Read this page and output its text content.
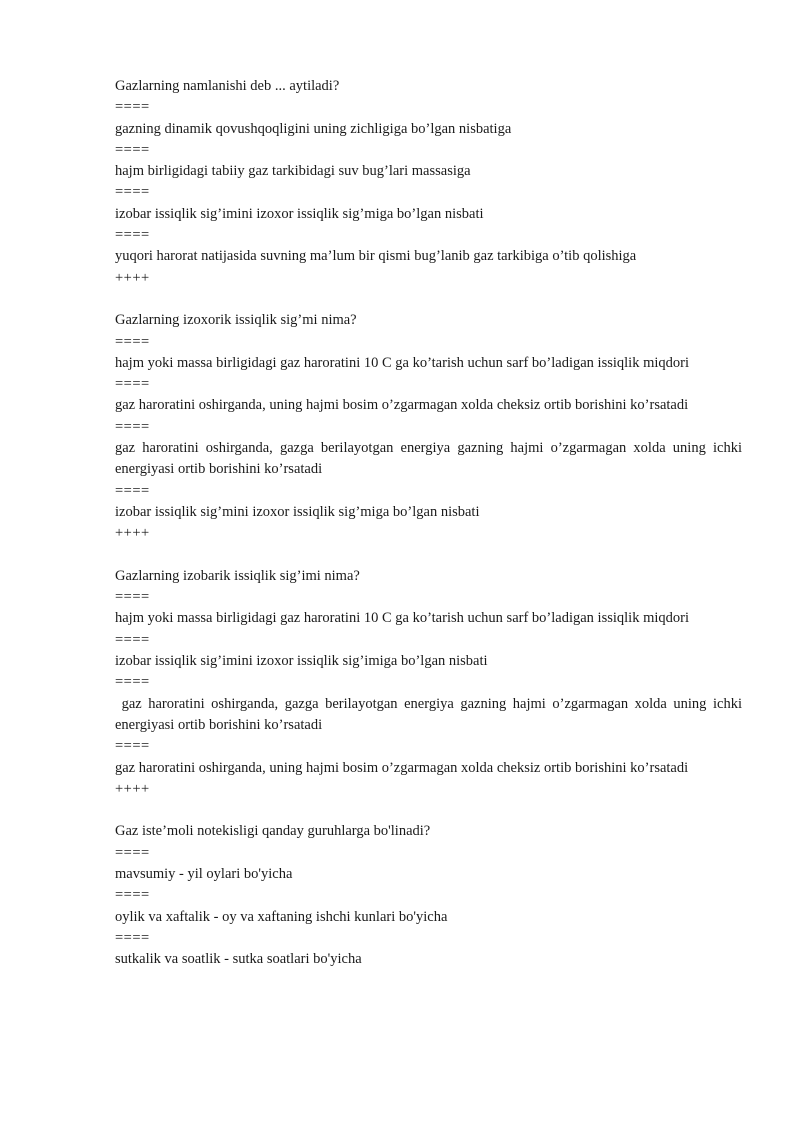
Gazlarning namlanishi deb ... aytiladi?

====

gazning dinamik qovushqoqligini uning zichligiga bo’lgan nisbatiga

====

hajm birligidagi tabiiy gaz tarkibidagi suv bug’lari massasiga

====

izobar issiqlik sig’imini izoxor issiqlik sig’miga bo’lgan nisbati

====

yuqori harorat natijasida suvning ma’lum bir qismi bug’lanib gaz tarkibiga o’tib qolishiga

++++

Gazlarning izoxorik issiqlik sig’mi nima?

====

hajm yoki massa birligidagi gaz haroratini 10 C ga ko’tarish uchun sarf bo’ladigan issiqlik miqdori

====

gaz haroratini oshirganda, uning hajmi bosim o’zgarmagan xolda cheksiz ortib borishini ko’rsatadi

====

gaz haroratini oshirganda, gazga berilayotgan energiya gazning hajmi o’zgarmagan xolda uning ichki energiyasi ortib borishini ko’rsatadi

====

izobar issiqlik sig’mini izoxor issiqlik sig’miga bo’lgan nisbati

++++

Gazlarning izobarik issiqlik sig’imi nima?

====

hajm yoki massa birligidagi gaz haroratini 10 C ga ko’tarish uchun sarf bo’ladigan issiqlik miqdori

====

izobar issiqlik sig’imini izoxor issiqlik sig’imiga bo’lgan nisbati

====

gaz haroratini oshirganda, gazga berilayotgan energiya gazning hajmi o’zgarmagan xolda uning ichki energiyasi ortib borishini ko’rsatadi

====

gaz haroratini oshirganda, uning hajmi bosim o’zgarmagan xolda cheksiz ortib borishini ko’rsatadi

++++

Gaz iste’moli notekisligi qanday guruhlarga bo'linadi?

====

mavsumiy - yil oylari bo'yicha

====

oylik va xaftalik - oy va xaftaning ishchi kunlari bo'yicha

====

sutkalik va soatlik - sutka soatlari bo'yicha
